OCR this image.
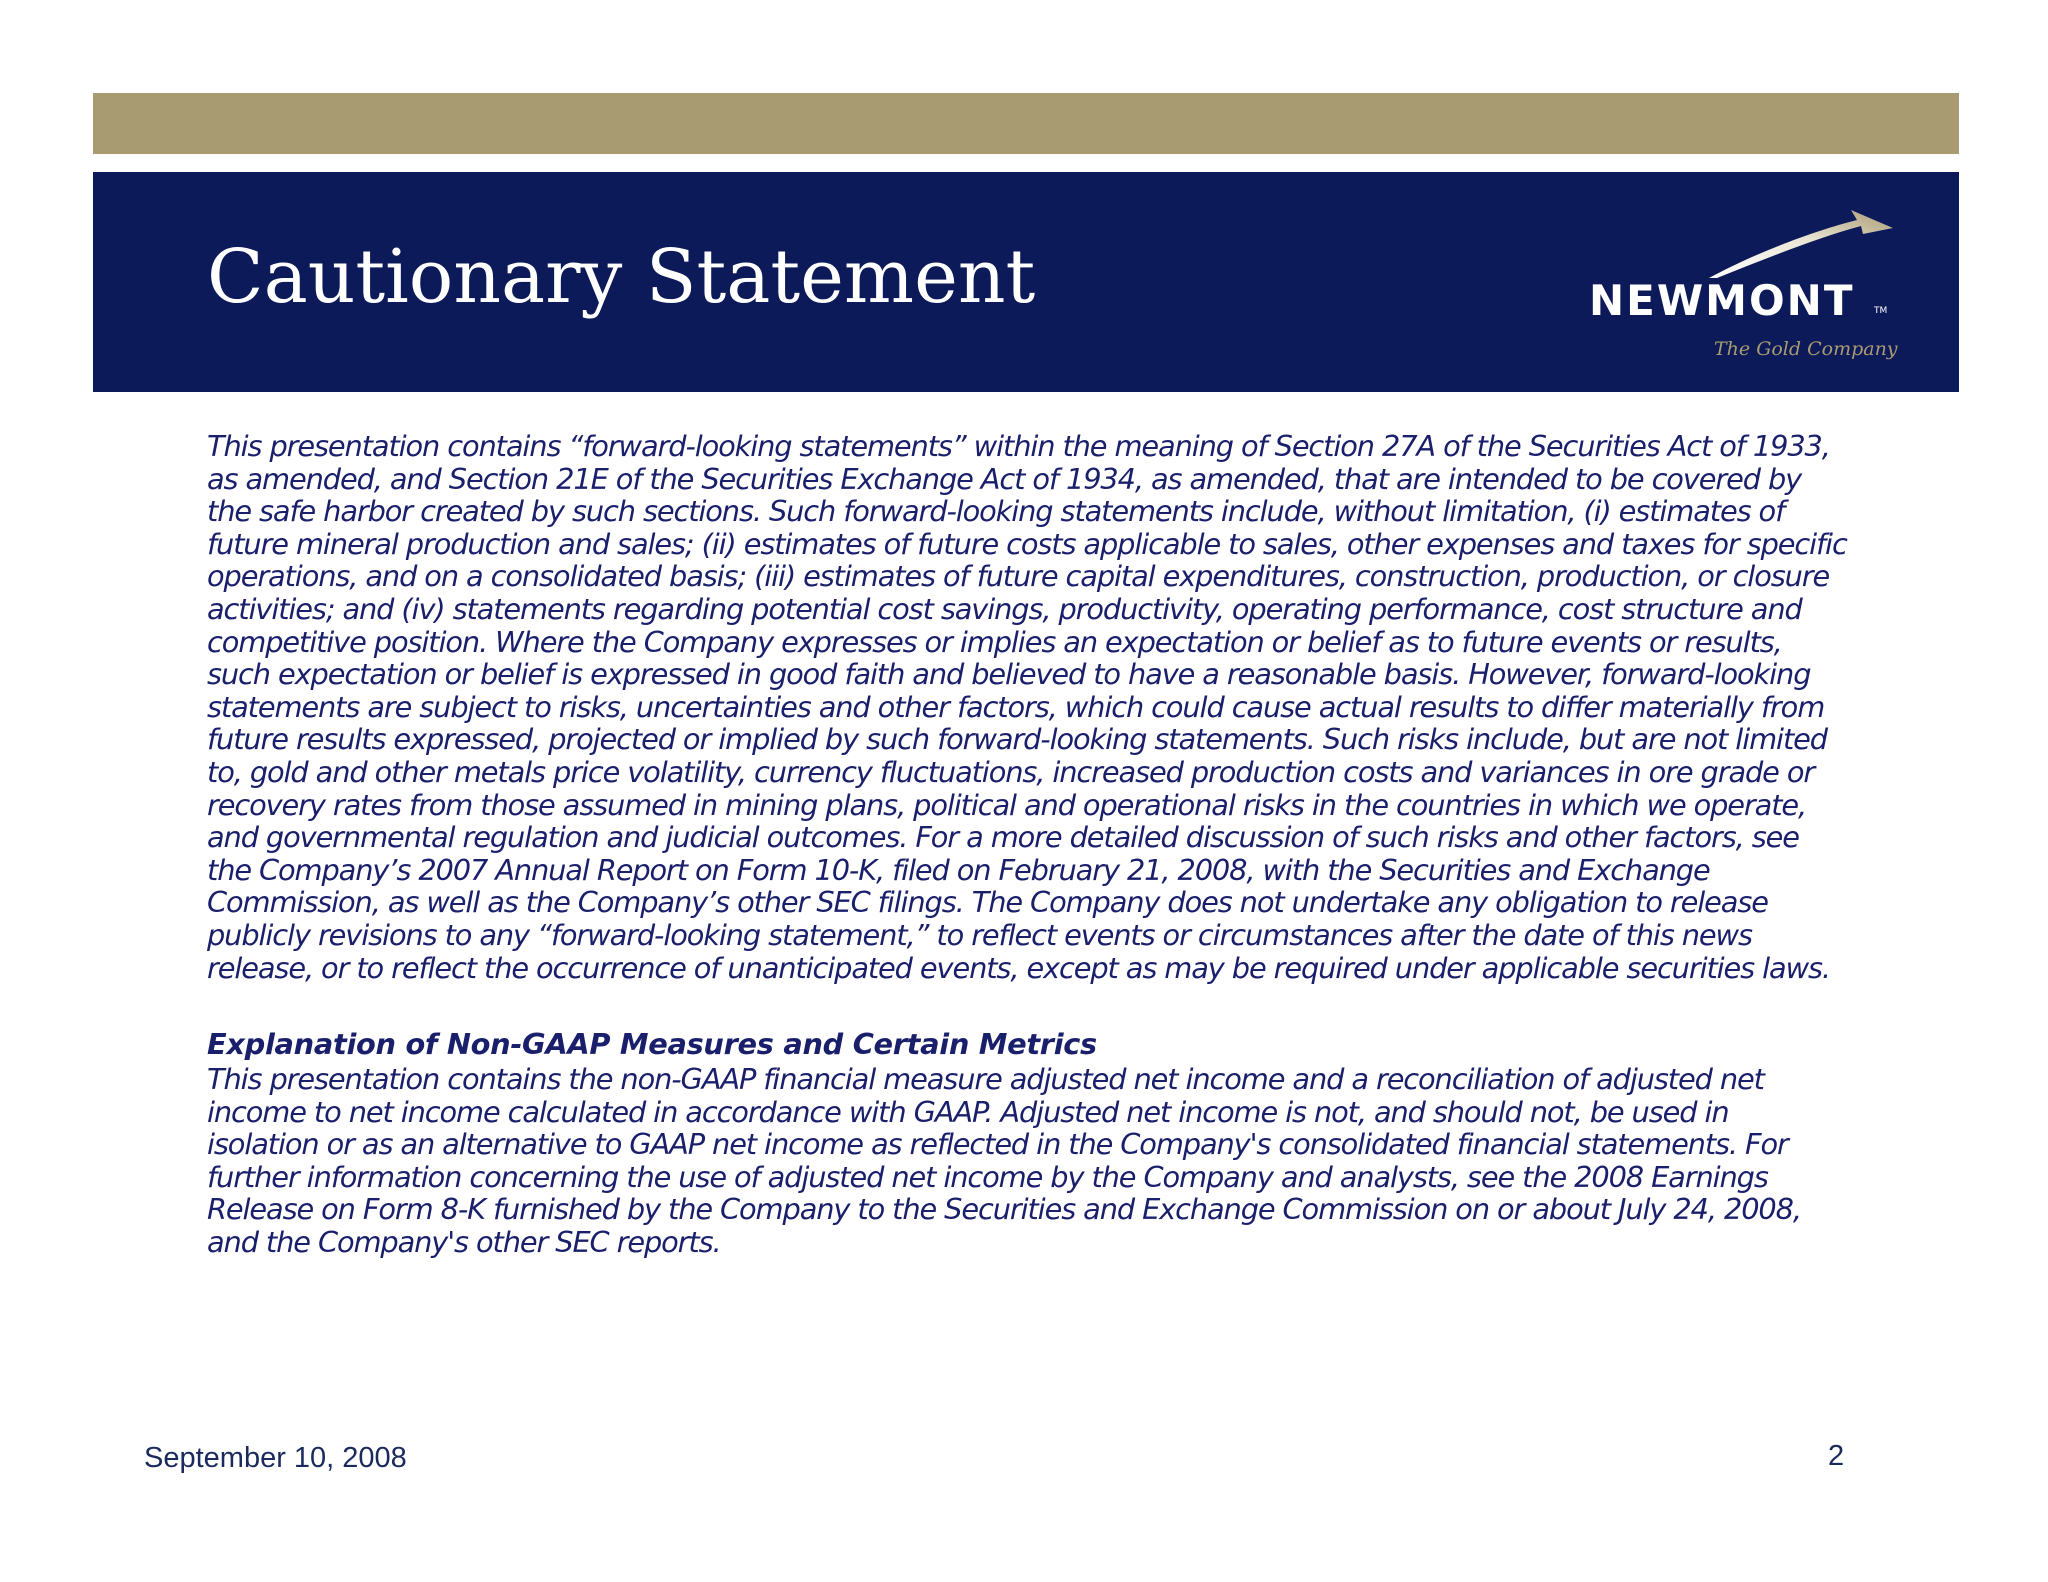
Cautionary Statement	NEWMONT TM
The Gold Company

This presentation contains “forward-looking statements” within the meaning of Section 27A of the Securities Act of 1933, as amended, and Section 21E of the Securities Exchange Act of 1934, as amended, that are intended to be covered by the safe harbor created by such sections. Such forward-looking statements include, without limitation, (i) estimates of future mineral production and sales; (ii) estimates of future costs applicable to sales, other expenses and taxes for specific operations, and on a consolidated basis; (iii) estimates of future capital expenditures, construction, production, or closure activities; and (iv) statements regarding potential cost savings, productivity, operating performance, cost structure and competitive position. Where the Company expresses or implies an expectation or belief as to future events or results, such expectation or belief is expressed in good faith and believed to have a reasonable basis. However, forward-looking statements are subject to risks, uncertainties and other factors, which could cause actual results to differ materially from future results expressed, projected or implied by such forward-looking statements. Such risks include, but are not limited to, gold and other metals price volatility, currency fluctuations, increased production costs and variances in ore grade or recovery rates from those assumed in mining plans, political and operational risks in the countries in which we operate, and governmental regulation and judicial outcomes. For a more detailed discussion of such risks and other factors, see the Company’s 2007 Annual Report on Form 10-K, filed on February 21, 2008, with the Securities and Exchange Commission, as well as the Company’s other SEC filings. The Company does not undertake any obligation to release publicly revisions to any “forward-looking statement,” to reflect events or circumstances after the date of this news release, or to reflect the occurrence of unanticipated events, except as may be required under applicable securities laws.

Explanation of Non-GAAP Measures and Certain Metrics

This presentation contains the non-GAAP financial measure adjusted net income and a reconciliation of adjusted net income to net income calculated in accordance with GAAP. Adjusted net income is not, and should not, be used in isolation or as an alternative to GAAP net income as reflected in the Company's consolidated financial statements. For further information concerning the use of adjusted net income by the Company and analysts, see the 2008 Earnings Release on Form 8-K furnished by the Company to the Securities and Exchange Commission on or about July 24, 2008, and the Company's other SEC reports.

September 10, 2008	2
